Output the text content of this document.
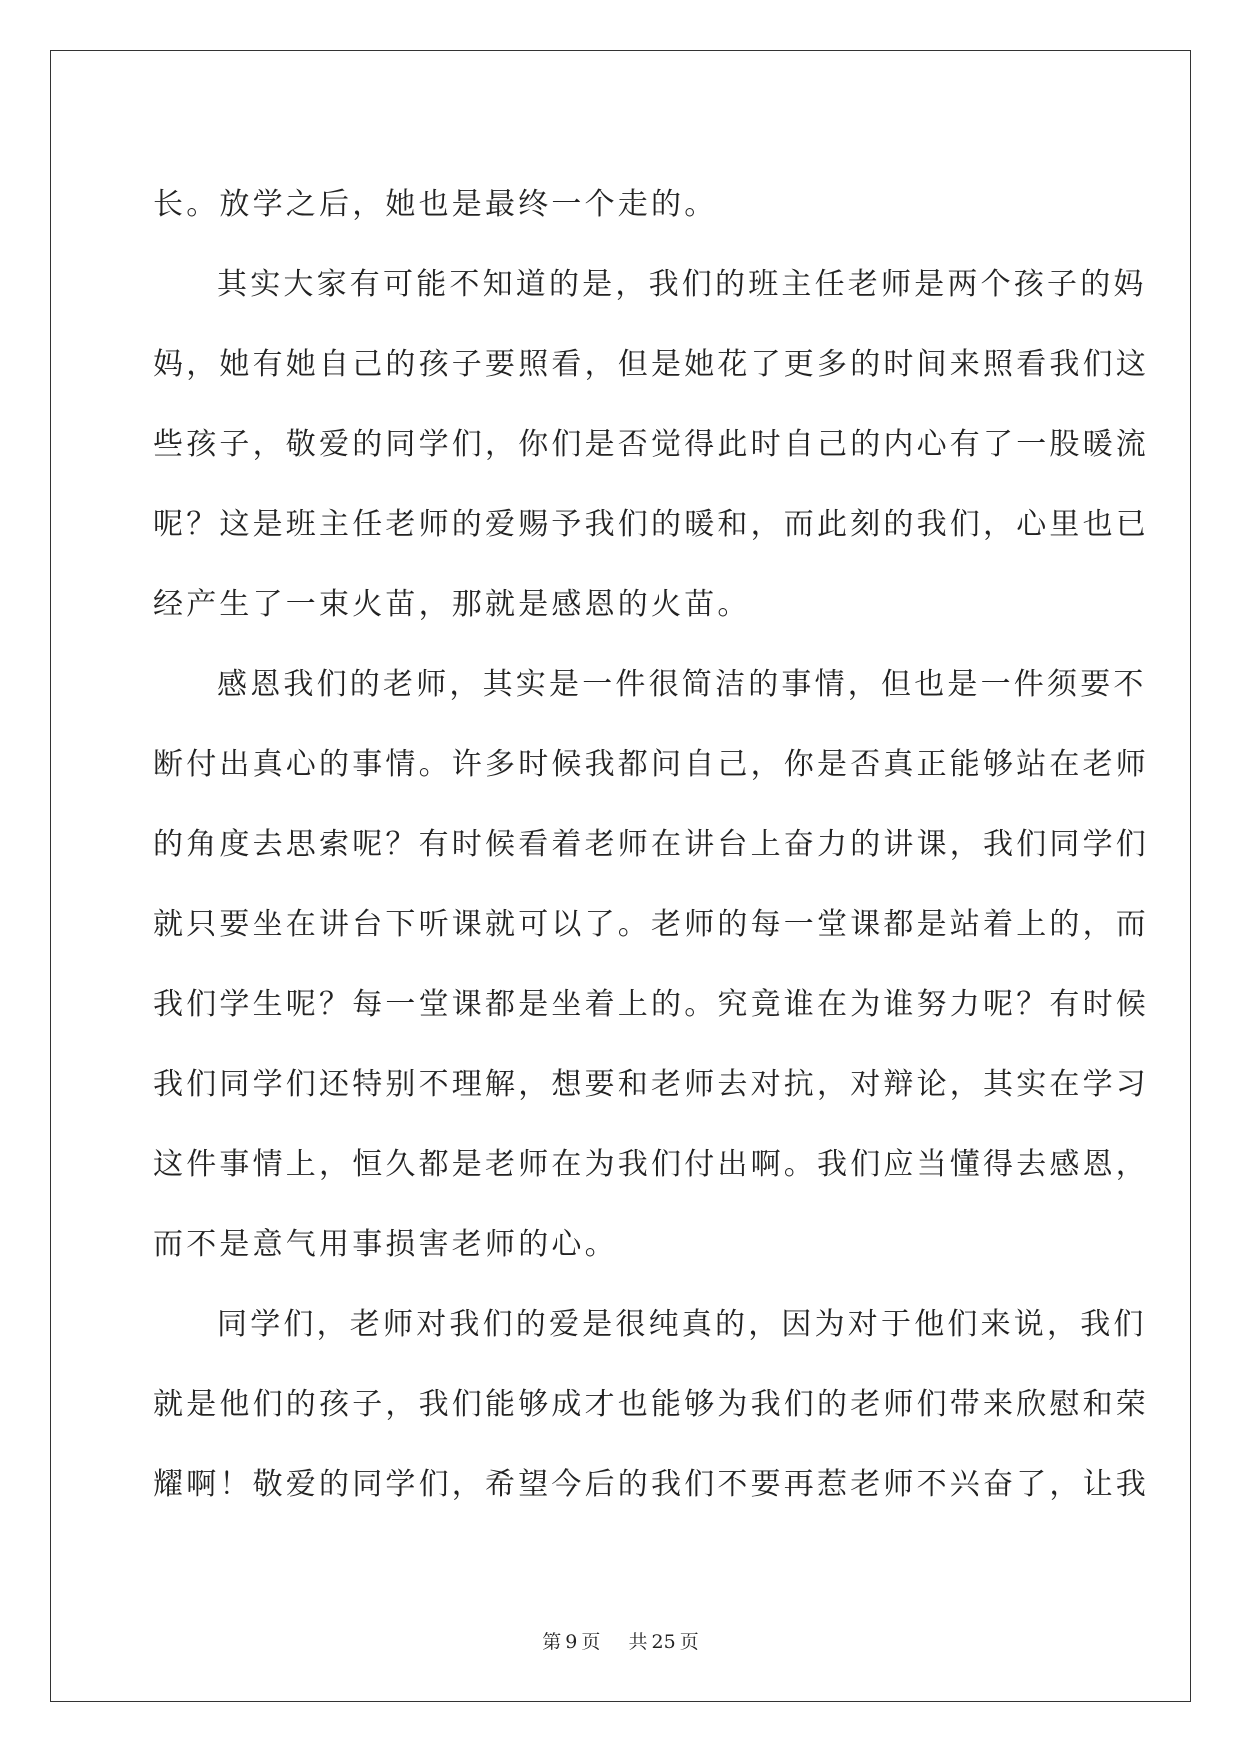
长。放学之后，她也是最终一个走的。
其实大家有可能不知道的是，我们的班主任老师是两个孩子的妈
妈，她有她自己的孩子要照看，但是她花了更多的时间来照看我们这
些孩子，敬爱的同学们，你们是否觉得此时自己的内心有了一股暖流
呢？这是班主任老师的爱赐予我们的暖和，而此刻的我们，心里也已
经产生了一束火苗，那就是感恩的火苗。
感恩我们的老师，其实是一件很简洁的事情，但也是一件须要不
断付出真心的事情。许多时候我都问自己，你是否真正能够站在老师
的角度去思索呢？有时候看着老师在讲台上奋力的讲课，我们同学们
就只要坐在讲台下听课就可以了。老师的每一堂课都是站着上的，而
我们学生呢？每一堂课都是坐着上的。究竟谁在为谁努力呢？有时候
我们同学们还特别不理解，想要和老师去对抗，对辩论，其实在学习
这件事情上，恒久都是老师在为我们付出啊。我们应当懂得去感恩，
而不是意气用事损害老师的心。
同学们，老师对我们的爱是很纯真的，因为对于他们来说，我们
就是他们的孩子，我们能够成才也能够为我们的老师们带来欣慰和荣
耀啊！敬爱的同学们，希望今后的我们不要再惹老师不兴奋了，让我
第 9 页 共 25 页
